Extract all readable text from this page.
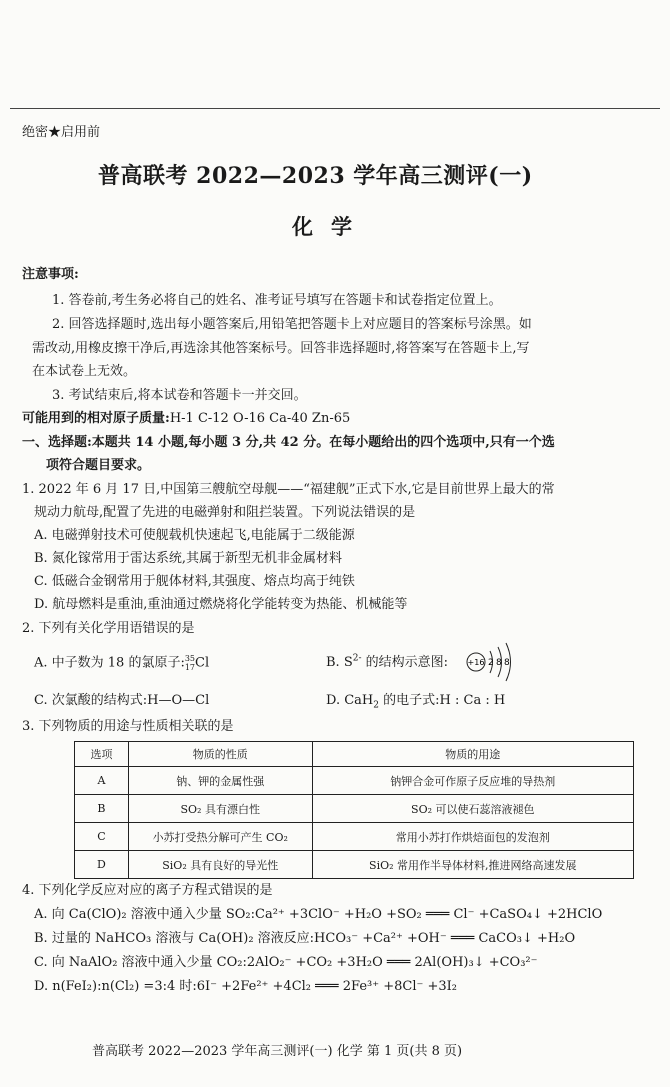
绝密★启用前
普高联考 2022—2023 学年高三测评(一)
化学
注意事项:
1. 答卷前,考生务必将自己的姓名、准考证号填写在答题卡和试卷指定位置上。
2. 回答选择题时,选出每小题答案后,用铅笔把答题卡上对应题目的答案标号涂黑。如
需改动,用橡皮擦干净后,再选涂其他答案标号。回答非选择题时,将答案写在答题卡上,写
在本试卷上无效。
3. 考试结束后,将本试卷和答题卡一并交回。
可能用到的相对原子质量:H-1 C-12 O-16 Ca-40 Zn-65
一、选择题:本题共 14 小题,每小题 3 分,共 42 分。在每小题给出的四个选项中,只有一个选
项符合题目要求。
1. 2022 年 6 月 17 日,中国第三艘航空母舰——“福建舰”正式下水,它是目前世界上最大的常
规动力航母,配置了先进的电磁弹射和阻拦装置。下列说法错误的是
A. 电磁弹射技术可使舰载机快速起飞,电能属于二级能源
B. 氮化镓常用于雷达系统,其属于新型无机非金属材料
C. 低磁合金钢常用于舰体材料,其强度、熔点均高于纯铁
D. 航母燃料是重油,重油通过燃烧将化学能转变为热能、机械能等
2. 下列有关化学用语错误的是
A. 中子数为 18 的氯原子: 35
17 Cl	B. $S^{2-}$ 的结构示意图: +16 2 8 8
C. 次氯酸的结构式:H—O—Cl	D. CaH$_2$ 的电子式:H : Ca : H
3. 下列物质的用途与性质相关联的是
选项	物质的性质	物质的用途
A	钠、钾的金属性强	钠钾合金可作原子反应堆的导热剂
B	SO₂ 具有漂白性	SO₂ 可以使石蕊溶液褪色
C	小苏打受热分解可产生 CO₂	常用小苏打作烘焙面包的发泡剂
D	SiO₂ 具有良好的导光性	SiO₂ 常用作半导体材料,推进网络高速发展
4. 下列化学反应对应的离子方程式错误的是
A. 向 Ca(ClO)₂ 溶液中通入少量 SO₂:Ca²⁺ +3ClO⁻ +H₂O +SO₂ ═══ Cl⁻ +CaSO₄↓ +2HClO
B. 过量的 NaHCO₃ 溶液与 Ca(OH)₂ 溶液反应:HCO₃⁻ +Ca²⁺ +OH⁻ ═══ CaCO₃↓ +H₂O
C. 向 NaAlO₂ 溶液中通入少量 CO₂:2AlO₂⁻ +CO₂ +3H₂O ═══ 2Al(OH)₃↓ +CO₃²⁻
D. n(FeI₂):n(Cl₂) =3:4 时:6I⁻ +2Fe²⁺ +4Cl₂ ═══ 2Fe³⁺ +8Cl⁻ +3I₂
普高联考 2022—2023 学年高三测评(一) 化学 第 1 页(共 8 页)
